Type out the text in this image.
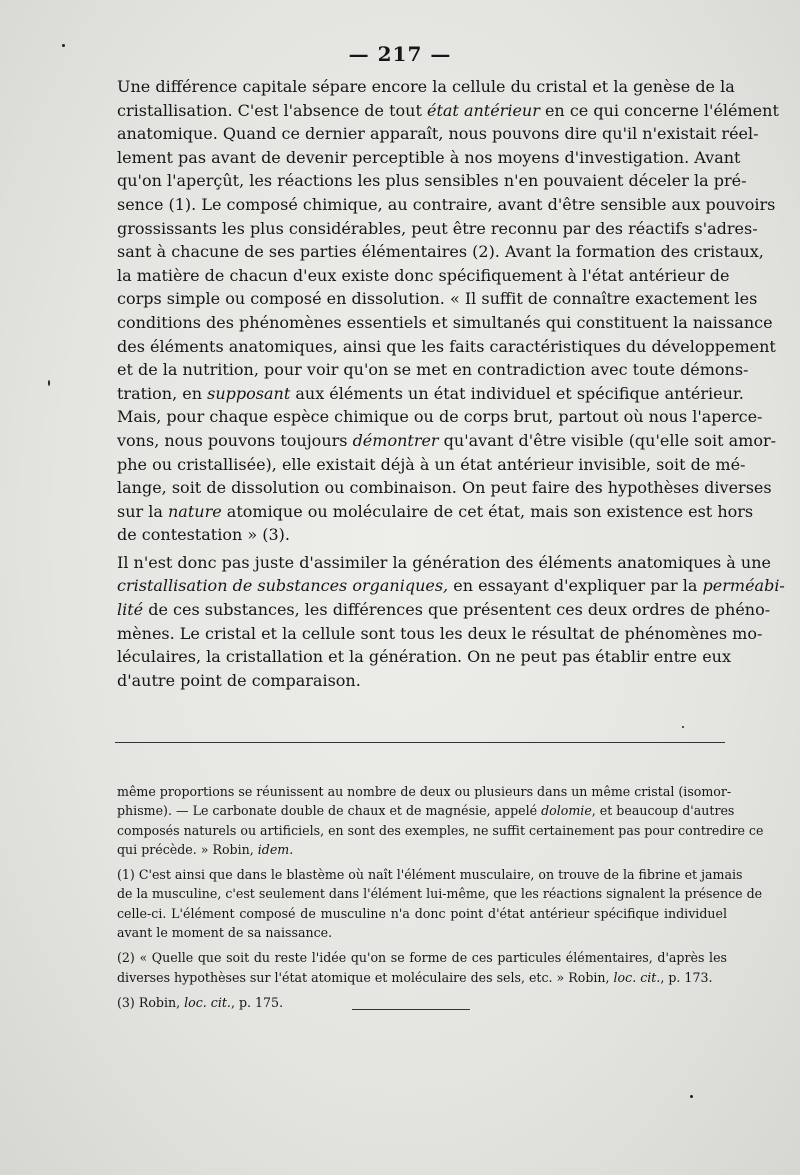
— 217 —
Une différence capitale sépare encore la cellule du cristal et la genèse de la
cristallisation. C'est l'absence de tout état antérieur en ce qui concerne l'élément
anatomique. Quand ce dernier apparaît, nous pouvons dire qu'il n'existait réel-
lement pas avant de devenir perceptible à nos moyens d'investigation. Avant
qu'on l'aperçût, les réactions les plus sensibles n'en pouvaient déceler la pré-
sence (1). Le composé chimique, au contraire, avant d'être sensible aux pouvoirs
grossissants les plus considérables, peut être reconnu par des réactifs s'adres-
sant à chacune de ses parties élémentaires (2). Avant la formation des cristaux,
la matière de chacun d'eux existe donc spécifiquement à l'état antérieur de
corps simple ou composé en dissolution. « Il suffit de connaître exactement les
conditions des phénomènes essentiels et simultanés qui constituent la naissance
des éléments anatomiques, ainsi que les faits caractéristiques du développement
et de la nutrition, pour voir qu'on se met en contradiction avec toute démons-
tration, en supposant aux éléments un état individuel et spécifique antérieur.
Mais, pour chaque espèce chimique ou de corps brut, partout où nous l'aperce-
vons, nous pouvons toujours démontrer qu'avant d'être visible (qu'elle soit amor-
phe ou cristallisée), elle existait déjà à un état antérieur invisible, soit de mé-
lange, soit de dissolution ou combinaison. On peut faire des hypothèses diverses
sur la nature atomique ou moléculaire de cet état, mais son existence est hors
de contestation » (3).
Il n'est donc pas juste d'assimiler la génération des éléments anatomiques à une
cristallisation de substances organiques, en essayant d'expliquer par la perméabi-
lité de ces substances, les différences que présentent ces deux ordres de phéno-
mènes. Le cristal et la cellule sont tous les deux le résultat de phénomènes mo-
léculaires, la cristallation et la génération. On ne peut pas établir entre eux
d'autre point de comparaison.
même proportions se réunissent au nombre de deux ou plusieurs dans un même cristal (isomor-
phisme). — Le carbonate double de chaux et de magnésie, appelé dolomie, et beaucoup d'autres
composés naturels ou artificiels, en sont des exemples, ne suffit certainement pas pour contredire ce
qui précède. » Robin, idem.
(1) C'est ainsi que dans le blastème où naît l'élément musculaire, on trouve de la fibrine et jamais
de la musculine, c'est seulement dans l'élément lui-même, que les réactions signalent la présence de
celle-ci. L'élément composé de musculine n'a donc point d'état antérieur spécifique individuel
avant le moment de sa naissance.
(2) « Quelle que soit du reste l'idée qu'on se forme de ces particules élémentaires, d'après les
diverses hypothèses sur l'état atomique et moléculaire des sels, etc. » Robin, loc. cit., p. 173.
(3) Robin, loc. cit., p. 175.
